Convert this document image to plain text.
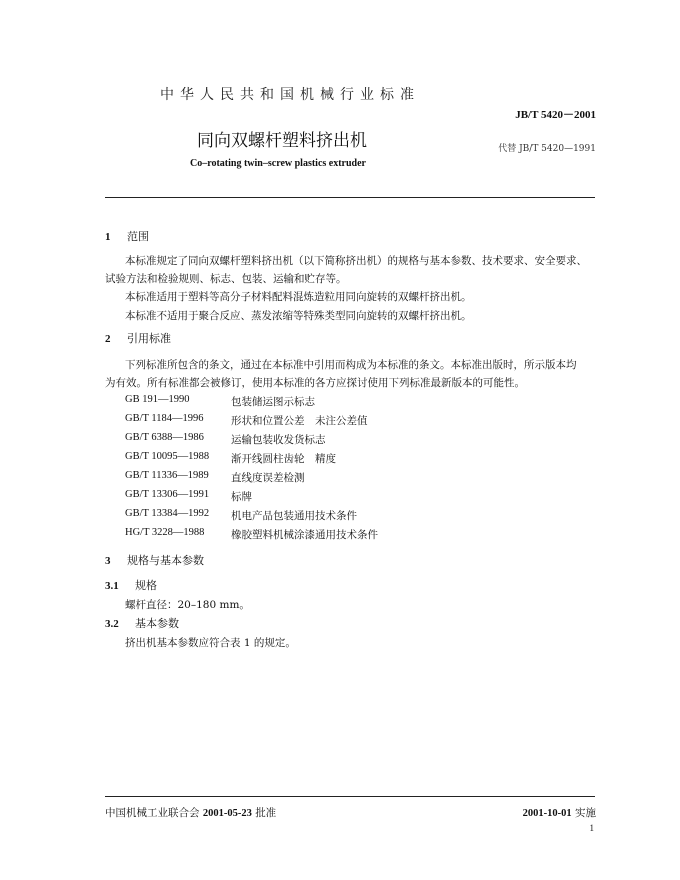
中华人民共和国机械行业标准
JB/T 5420－2001
同向双螺杆塑料挤出机	代替 JB/T 5420—1991
Co–rotating twin–screw plastics extruder
1 范围
本标准规定了同向双螺杆塑料挤出机（以下简称挤出机）的规格与基本参数、技术要求、安全要求、
试验方法和检验规则、标志、包装、运输和贮存等。
本标准适用于塑料等高分子材料配料混炼造粒用同向旋转的双螺杆挤出机。
本标准不适用于聚合反应、蒸发浓缩等特殊类型同向旋转的双螺杆挤出机。
2 引用标准
下列标准所包含的条文，通过在本标准中引用而构成为本标准的条文。本标准出版时，所示版本均
为有效。所有标准都会被修订，使用本标准的各方应探讨使用下列标准最新版本的可能性。
GB 191—1990	包装储运图示标志
GB/T 1184—1996	形状和位置公差　未注公差值
GB/T 6388—1986	运输包装收发货标志
GB/T 10095—1988 渐开线圆柱齿轮　精度
GB/T 11336—1989 直线度误差检测
GB/T 13306—1991 标牌
GB/T 13384—1992 机电产品包装通用技术条件
HG/T 3228—1988	橡胶塑料机械涂漆通用技术条件
3 规格与基本参数
3.1 规格
螺杆直径：20–180 mm。
3.2 基本参数
挤出机基本参数应符合表 1 的规定。
中国机械工业联合会 2001-05-23 批准	2001-10-01 实施
1
